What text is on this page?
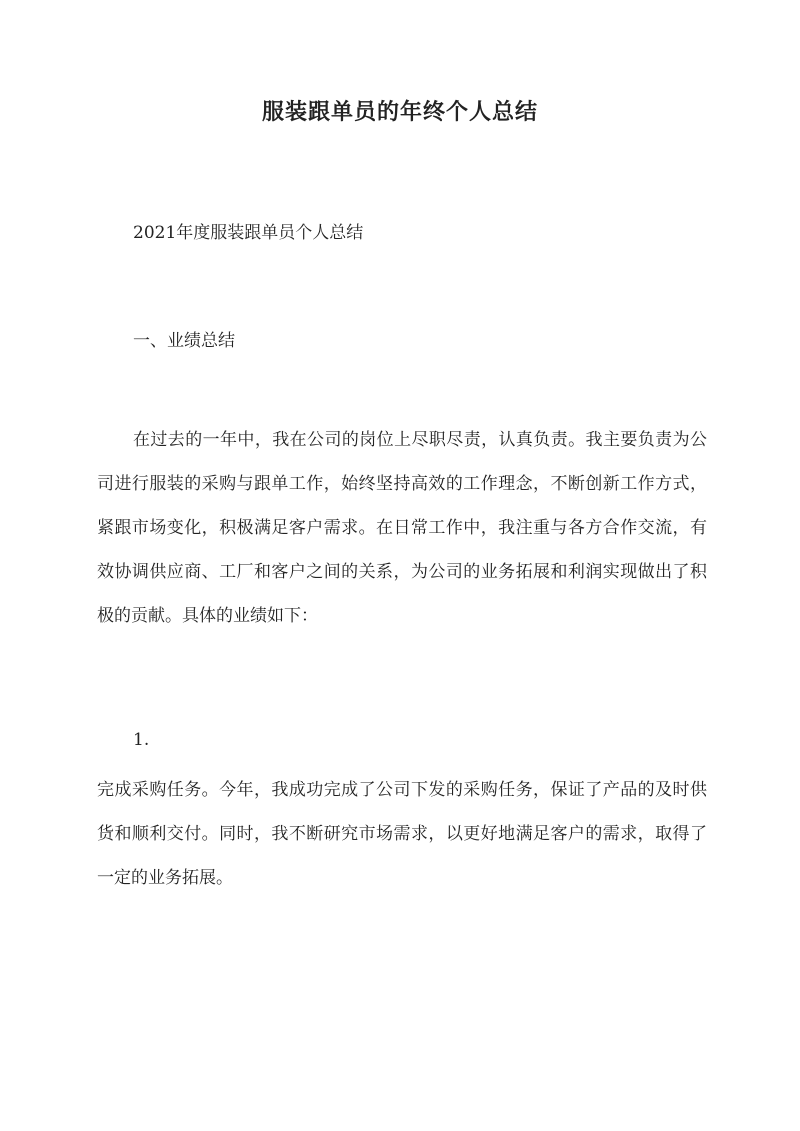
服装跟单员的年终个人总结

2021年度服装跟单员个人总结

一、业绩总结

在过去的一年中，我在公司的岗位上尽职尽责，认真负责。我主要负责为公司进行服装的采购与跟单工作，始终坚持高效的工作理念，不断创新工作方式，紧跟市场变化，积极满足客户需求。在日常工作中，我注重与各方合作交流，有效协调供应商、工厂和客户之间的关系，为公司的业务拓展和利润实现做出了积极的贡献。具体的业绩如下：

1.

完成采购任务。今年，我成功完成了公司下发的采购任务，保证了产品的及时供货和顺利交付。同时，我不断研究市场需求，以更好地满足客户的需求，取得了一定的业务拓展。
